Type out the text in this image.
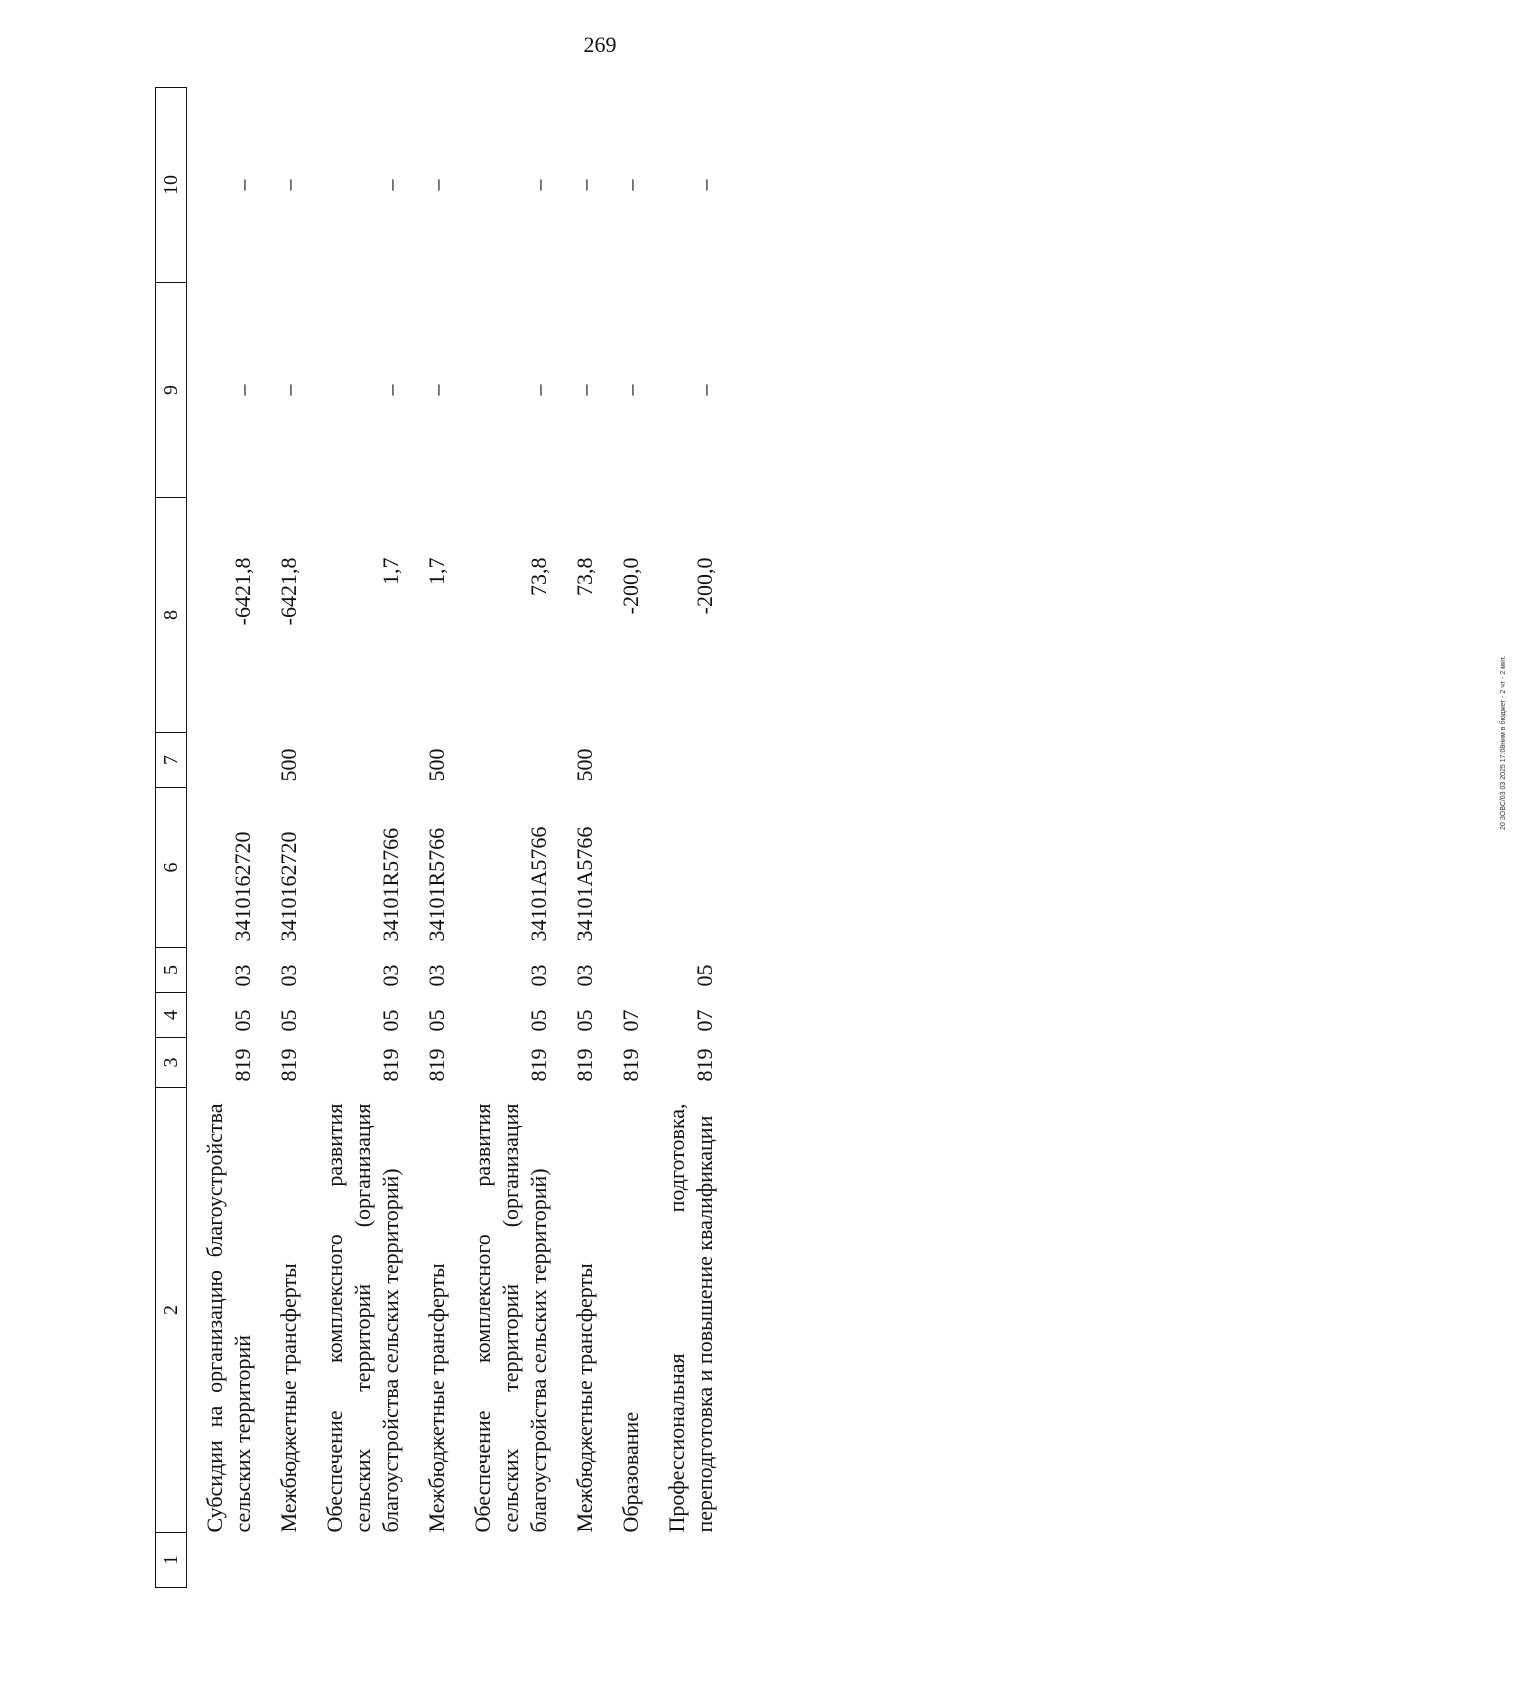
269
1	2	3	4	5	6	7	8	9	10
	Субсидии на организацию благоустройства сельских территорий	819	05	03	3410162720		-6421,8	–	–
	Межбюджетные трансферты	819	05	03	3410162720	500	-6421,8	–	–
	Обеспечение комплексного развития сельских территорий (организация благоустройства сельских территорий)	819	05	03	34101R5766		1,7	–	–
	Межбюджетные трансферты	819	05	03	34101R5766	500	1,7	–	–
	Обеспечение комплексного развития сельских территорий (организация благоустройства сельских территорий)	819	05	03	34101A5766		73,8	–	–
	Межбюджетные трансферты	819	05	03	34101A5766	500	73,8	–	–
	Образование	819	07				-200,0	–	–
	Профессиональная подготовка, переподготовка и повышение квалификации	819	07	05			-200,0	–	–
20 ЗОВС/03 03 2025 17:08ним в бюджет - 2 чт - 2 мит.
